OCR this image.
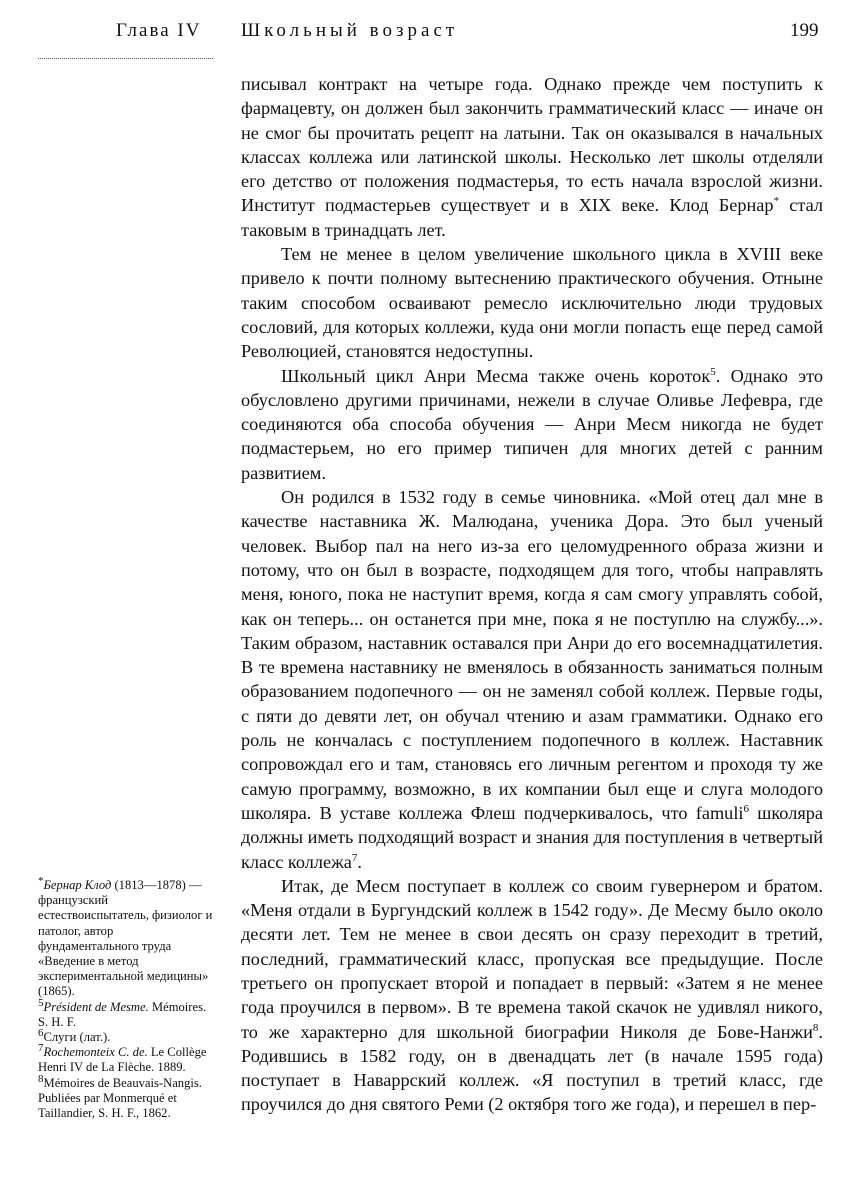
Глава IV Школьный возраст	199

писывал контракт на четыре года. Однако прежде чем поступить к фармацевту, он должен был закончить грамматический класс — иначе он не смог бы прочитать рецепт на латыни. Так он оказывался в начальных классах коллежа или латинской школы. Несколько лет школы отделяли его детство от положения подмастерья, то есть начала взрослой жизни. Институт подмастерьев существует и в XIX веке. Клод Бернар* стал таковым в тринадцать лет.

Тем не менее в целом увеличение школьного цикла в XVIII веке привело к почти полному вытеснению практического обучения. Отныне таким способом осваивают ремесло исключительно люди трудовых сословий, для которых коллежи, куда они могли попасть еще перед самой Революцией, становятся недоступны.

Школьный цикл Анри Месма также очень короток$^5$. Однако это обусловлено другими причинами, нежели в случае Оливье Лефевра, где соединяются оба способа обучения — Анри Месм никогда не будет подмастерьем, но его пример типичен для многих детей с ранним развитием.

Он родился в 1532 году в семье чиновника. «Мой отец дал мне в качестве наставника Ж. Малюдана, ученика Дора. Это был ученый человек. Выбор пал на него из-за его целомудренного образа жизни и потому, что он был в возрасте, подходящем для того, чтобы направлять меня, юного, пока не наступит время, когда я сам смогу управлять собой, как он теперь... он останется при мне, пока я не поступлю на службу...». Таким образом, наставник оставался при Анри до его восемнадцатилетия. В те времена наставнику не вменялось в обязанность заниматься полным образованием подопечного — он не заменял собой коллеж. Первые годы, с пяти до девяти лет, он обучал чтению и азам грамматики. Однако его роль не кончалась с поступлением подопечного в коллеж. Наставник сопровождал его и там, становясь его личным регентом и проходя ту же самую программу, возможно, в их компании был еще и слуга молодого школяра. В уставе коллежа Флеш подчеркивалось, что famuli$^6$ школяра должны иметь подходящий возраст и знания для поступления в четвертый класс коллежа$^7$.

Итак, де Месм поступает в коллеж со своим гувернером и братом. «Меня отдали в Бургундский коллеж в 1542 году». Де Месму было около десяти лет. Тем не менее в свои десять он сразу переходит в третий, последний, грамматический класс, пропуская все предыдущие. После третьего он пропускает второй и попадает в первый: «Затем я не менее года проучился в первом». В те времена такой скачок не удивлял никого, то же характерно для школьной биографии Николя де Бове-Нанжи$^8$. Родившись в 1582 году, он в двенадцать лет (в начале 1595 года) поступает в Наваррский коллеж. «Я поступил в третий класс, где проучился до дня святого Реми (2 октября того же года), и перешел в пер-

*Бернар Клод (1813—1878) — французский естествоиспытатель, физиолог и патолог, автор фундаментального труда «Введение в метод экспериментальной медицины» (1865).

$^5$Président de Mesme. Mémoires. S. H. F.

$^6$Слуги (лат.).

$^7$Rochemonteix C. de. Le Collège Henri IV de La Flèche. 1889.

$^8$Mémoires de Beauvais-Nangis. Publiées par Monmerqué et Taillandier, S. H. F., 1862.
